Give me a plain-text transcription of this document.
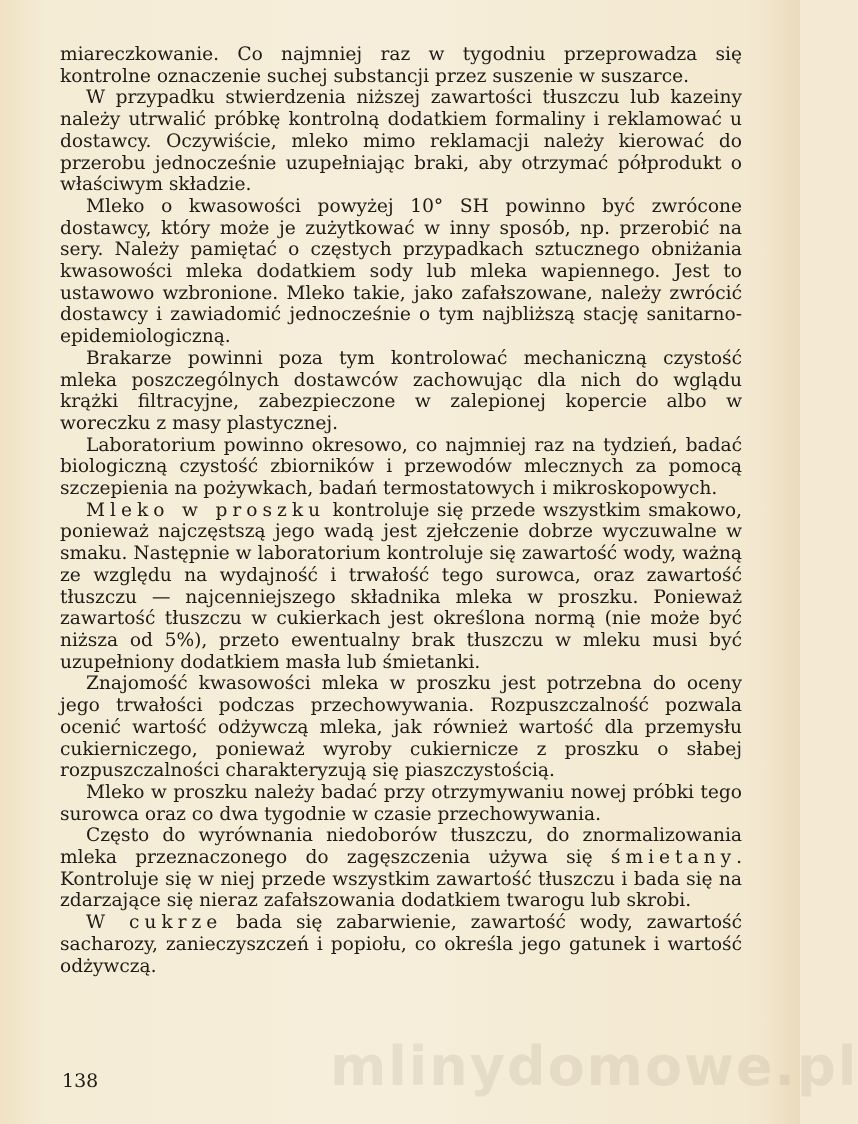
miareczkowanie. Co najmniej raz w tygodniu przeprowadza się kontrolne oznaczenie suchej substancji przez suszenie w suszarce.

W przypadku stwierdzenia niższej zawartości tłuszczu lub kazeiny należy utrwalić próbkę kontrolną dodatkiem formaliny i reklamować u dostawcy. Oczywiście, mleko mimo reklamacji należy kierować do przerobu jednocześnie uzupełniając braki, aby otrzymać półprodukt o właściwym składzie.

Mleko o kwasowości powyżej 10° SH powinno być zwrócone dostawcy, który może je zużytkować w inny sposób, np. przerobić na sery. Należy pamiętać o częstych przypadkach sztucznego obniżania kwasowości mleka dodatkiem sody lub mleka wapiennego. Jest to ustawowo wzbronione. Mleko takie, jako zafałszowane, należy zwrócić dostawcy i zawiadomić jednocześnie o tym najbliższą stację sanitarno-epidemiologiczną.

Brakarze powinni poza tym kontrolować mechaniczną czystość mleka poszczególnych dostawców zachowując dla nich do wglądu krążki filtracyjne, zabezpieczone w zalepionej kopercie albo w woreczku z masy plastycznej.

Laboratorium powinno okresowo, co najmniej raz na tydzień, badać biologiczną czystość zbiorników i przewodów mlecznych za pomocą szczepienia na pożywkach, badań termostatowych i mikroskopowych.

Mleko w proszku kontroluje się przede wszystkim smakowo, ponieważ najczęstszą jego wadą jest zjełczenie dobrze wyczuwalne w smaku. Następnie w laboratorium kontroluje się zawartość wody, ważną ze względu na wydajność i trwałość tego surowca, oraz zawartość tłuszczu — najcenniejszego składnika mleka w proszku. Ponieważ zawartość tłuszczu w cukierkach jest określona normą (nie może być niższa od 5%), przeto ewentualny brak tłuszczu w mleku musi być uzupełniony dodatkiem masła lub śmietanki.

Znajomość kwasowości mleka w proszku jest potrzebna do oceny jego trwałości podczas przechowywania. Rozpuszczalność pozwala ocenić wartość odżywczą mleka, jak również wartość dla przemysłu cukierniczego, ponieważ wyroby cukiernicze z proszku o słabej rozpuszczalności charakteryzują się piaszczystością.

Mleko w proszku należy badać przy otrzymywaniu nowej próbki tego surowca oraz co dwa tygodnie w czasie przechowywania.

Często do wyrównania niedoborów tłuszczu, do znormalizowania mleka przeznaczonego do zagęszczenia używa się śmietany. Kontroluje się w niej przede wszystkim zawartość tłuszczu i bada się na zdarzające się nieraz zafałszowania dodatkiem twarogu lub skrobi.

W cukrze bada się zabarwienie, zawartość wody, zawartość sacharozy, zanieczyszczeń i popiołu, co określa jego gatunek i wartość odżywczą.

mlinydomowe.pl
138
